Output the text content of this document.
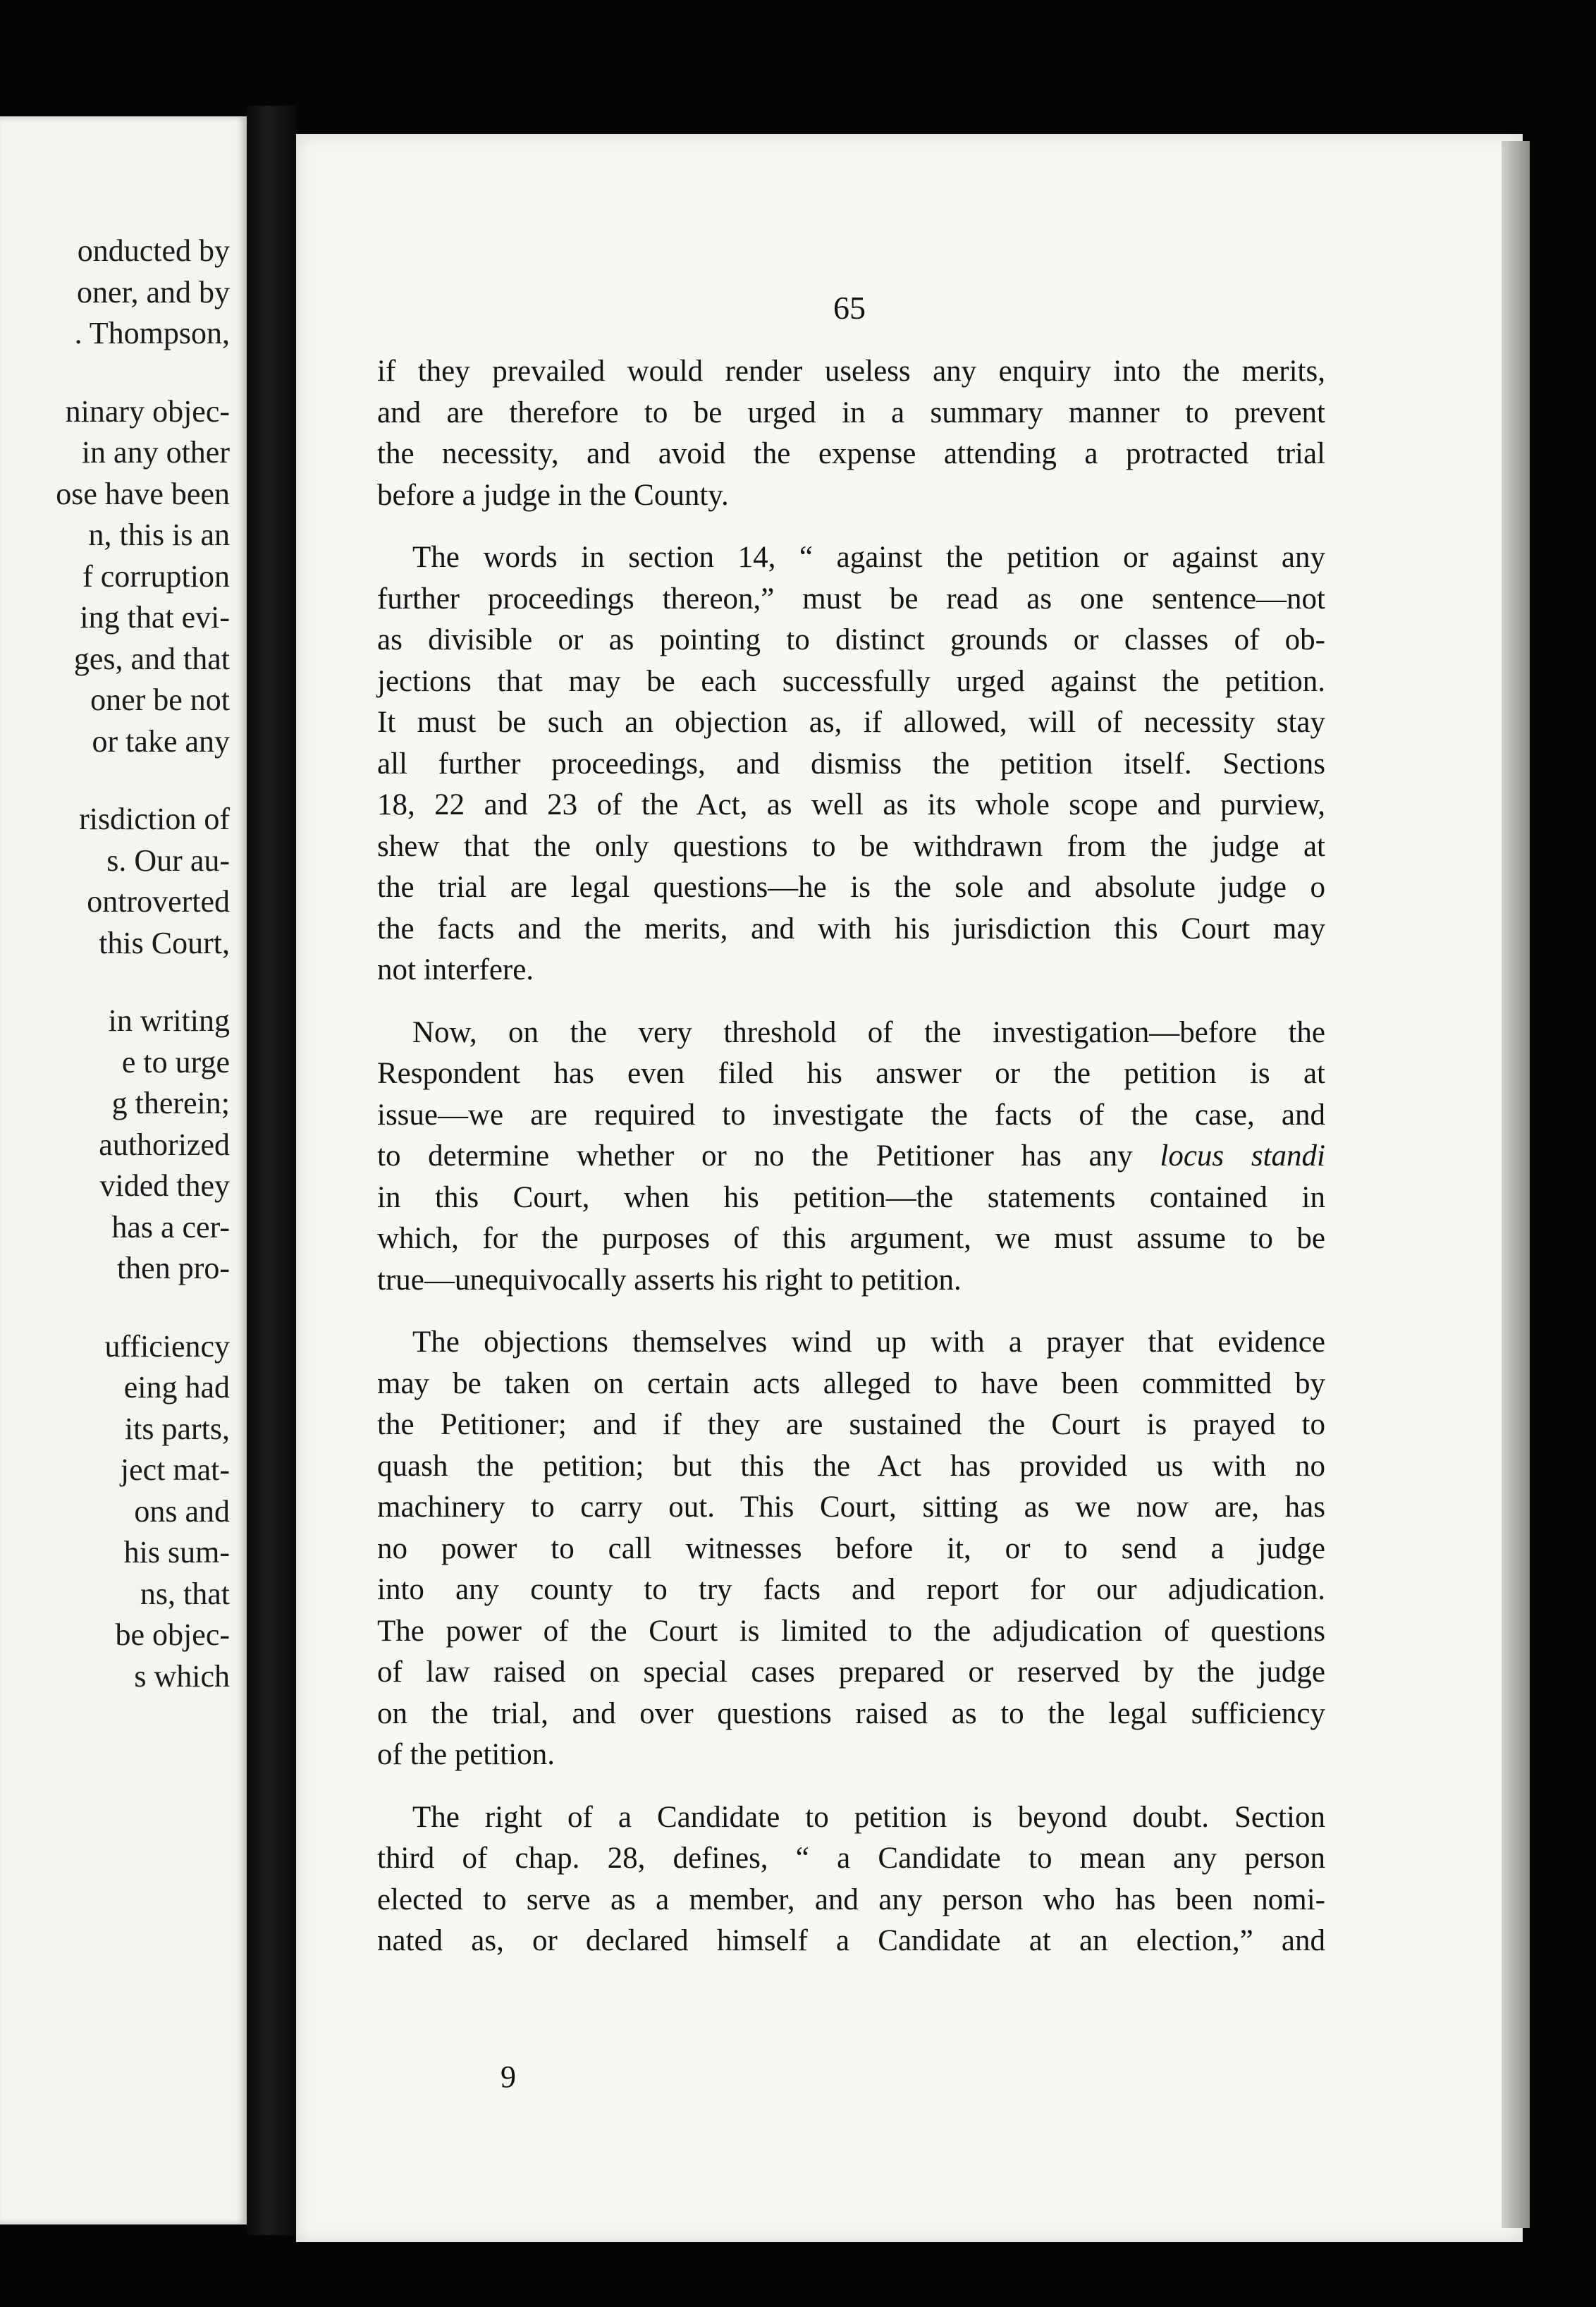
onducted by
oner, and by
. Thompson,
ninary objec-
in any other
ose have been
n, this is an
f corruption
ing that evi-
ges, and that
oner be not
or take any
risdiction of
s. Our au-
ontroverted
this Court,
in writing
e to urge
g therein;
authorized
vided they
has a cer-
then pro-
ufficiency
eing had
its parts,
ject mat-
ons and
his sum-
ns, that
be objec-
s which
65
if they prevailed would render useless any enquiry into the merits,
and are therefore to be urged in a summary manner to prevent
the necessity, and avoid the expense attending a protracted trial
before a judge in the County.
The words in section 14, “ against the petition or against any
further proceedings thereon,” must be read as one sentence—not
as divisible or as pointing to distinct grounds or classes of ob-
jections that may be each successfully urged against the petition.
It must be such an objection as, if allowed, will of necessity stay
all further proceedings, and dismiss the petition itself. Sections
18, 22 and 23 of the Act, as well as its whole scope and purview,
shew that the only questions to be withdrawn from the judge at
the trial are legal questions—he is the sole and absolute judge o
the facts and the merits, and with his jurisdiction this Court may
not interfere.
Now, on the very threshold of the investigation—before the
Respondent has even filed his answer or the petition is at
issue—we are required to investigate the facts of the case, and
to determine whether or no the Petitioner has any locus standi
in this Court, when his petition—the statements contained in
which, for the purposes of this argument, we must assume to be
true—unequivocally asserts his right to petition.
The objections themselves wind up with a prayer that evidence
may be taken on certain acts alleged to have been committed by
the Petitioner; and if they are sustained the Court is prayed to
quash the petition; but this the Act has provided us with no
machinery to carry out. This Court, sitting as we now are, has
no power to call witnesses before it, or to send a judge
into any county to try facts and report for our adjudication.
The power of the Court is limited to the adjudication of questions
of law raised on special cases prepared or reserved by the judge
on the trial, and over questions raised as to the legal sufficiency
of the petition.
The right of a Candidate to petition is beyond doubt. Section
third of chap. 28, defines, “ a Candidate to mean any person
elected to serve as a member, and any person who has been nomi-
nated as, or declared himself a Candidate at an election,” and
9
